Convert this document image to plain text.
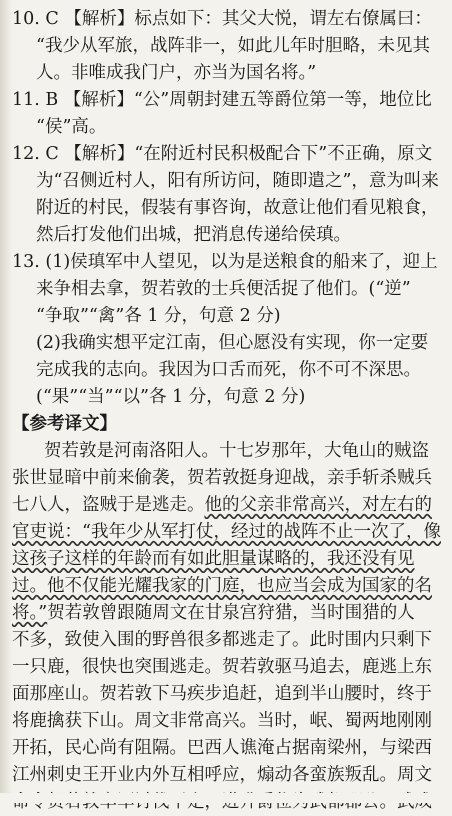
10. C 【解析】标点如下：其父大悦，谓左右僚属曰：
“我少从军旅，战阵非一，如此儿年时胆略，未见其
人。非唯成我门户，亦当为国名将。”
11. B 【解析】“公”周朝封建五等爵位第一等，地位比
“侯”高。
12. C 【解析】“在附近村民积极配合下”不正确，原文
为“召侧近村人，阳有所访问，随即遣之”，意为叫来
附近的村民，假装有事咨询，故意让他们看见粮食，
然后打发他们出城，把消息传递给侯瑱。
13. (1)侯瑱军中人望见，以为是送粮食的船来了，迎上
来争相去拿，贺若敦的士兵便活捉了他们。(“逆”
“争取”“禽”各 1 分，句意 2 分)
(2)我确实想平定江南，但心愿没有实现，你一定要
完成我的志向。我因为口舌而死，你不可不深思。
(“果”“当”“以”各 1 分，句意 2 分)
【参考译文】
贺若敦是河南洛阳人。十七岁那年，大龟山的贼盗
张世显暗中前来偷袭，贺若敦挺身迎战，亲手斩杀贼兵
七八人，盗贼于是逃走。他的父亲非常高兴，对左右的
官吏说：“我年少从军打仗，经过的战阵不止一次了，像
这孩子这样的年龄而有如此胆量谋略的，我还没有见
过。他不仅能光耀我家的门庭，也应当会成为国家的名
将。”贺若敦曾跟随周文在甘泉宫狩猎，当时围猎的人
不多，致使入围的野兽很多都逃走了。此时围内只剩下
一只鹿，很快也突围逃走。贺若敦驱马追去，鹿逃上东
面那座山。贺若敦下马疾步追赶，追到半山腰时，终于
将鹿擒获下山。周文非常高兴。当时，岷、蜀两地刚刚
开拓，民心尚有阻隔。巴西人谯淹占据南梁州，与梁西
江州刺史王开业内外互相呼应，煽动各蛮族叛乱。周文
